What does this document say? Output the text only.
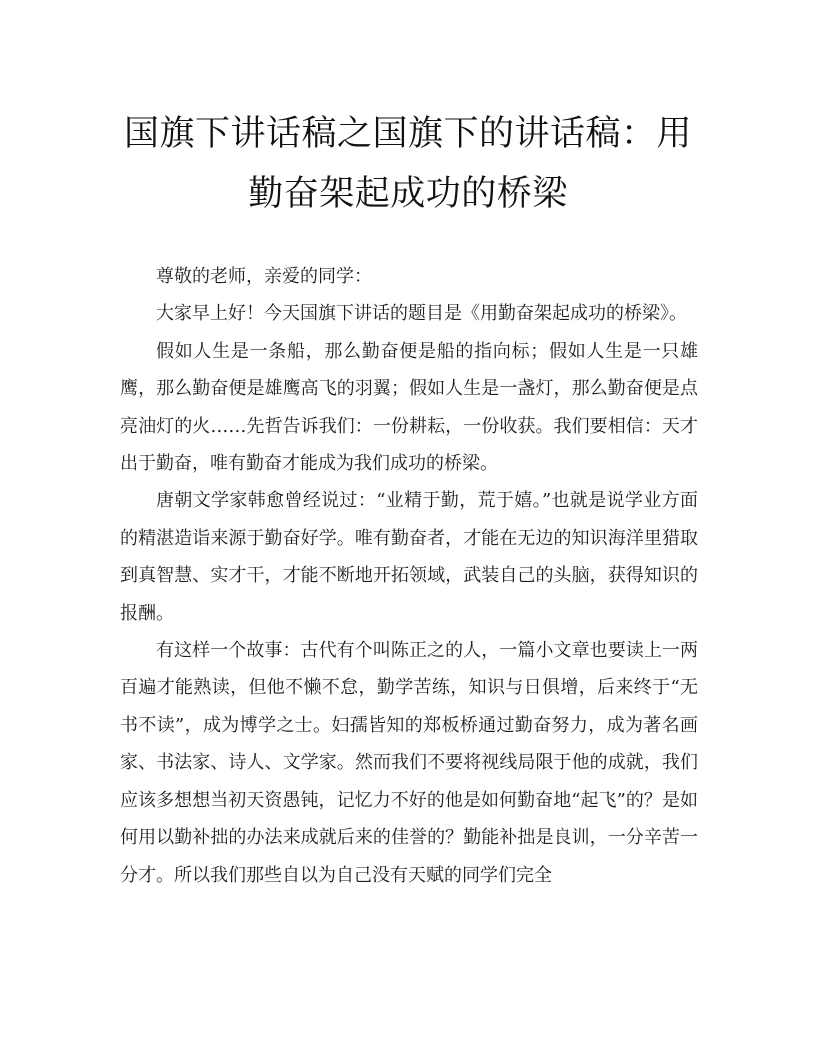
国旗下讲话稿之国旗下的讲话稿：用勤奋架起成功的桥梁

尊敬的老师，亲爱的同学：

大家早上好！今天国旗下讲话的题目是《用勤奋架起成功的桥梁》。

假如人生是一条船，那么勤奋便是船的指向标；假如人生是一只雄鹰，那么勤奋便是雄鹰高飞的羽翼；假如人生是一盏灯，那么勤奋便是点亮油灯的火……先哲告诉我们：一份耕耘，一份收获。我们要相信：天才出于勤奋，唯有勤奋才能成为我们成功的桥梁。

唐朝文学家韩愈曾经说过：“业精于勤，荒于嬉。”也就是说学业方面的精湛造诣来源于勤奋好学。唯有勤奋者，才能在无边的知识海洋里猎取到真智慧、实才干，才能不断地开拓领域，武装自己的头脑，获得知识的报酬。

有这样一个故事：古代有个叫陈正之的人，一篇小文章也要读上一两百遍才能熟读，但他不懒不怠，勤学苦练，知识与日俱增，后来终于“无书不读”，成为博学之士。妇孺皆知的郑板桥通过勤奋努力，成为著名画家、书法家、诗人、文学家。然而我们不要将视线局限于他的成就，我们应该多想想当初天资愚钝，记忆力不好的他是如何勤奋地“起飞”的？是如何用以勤补拙的办法来成就后来的佳誉的？勤能补拙是良训，一分辛苦一分才。所以我们那些自以为自己没有天赋的同学们完全
